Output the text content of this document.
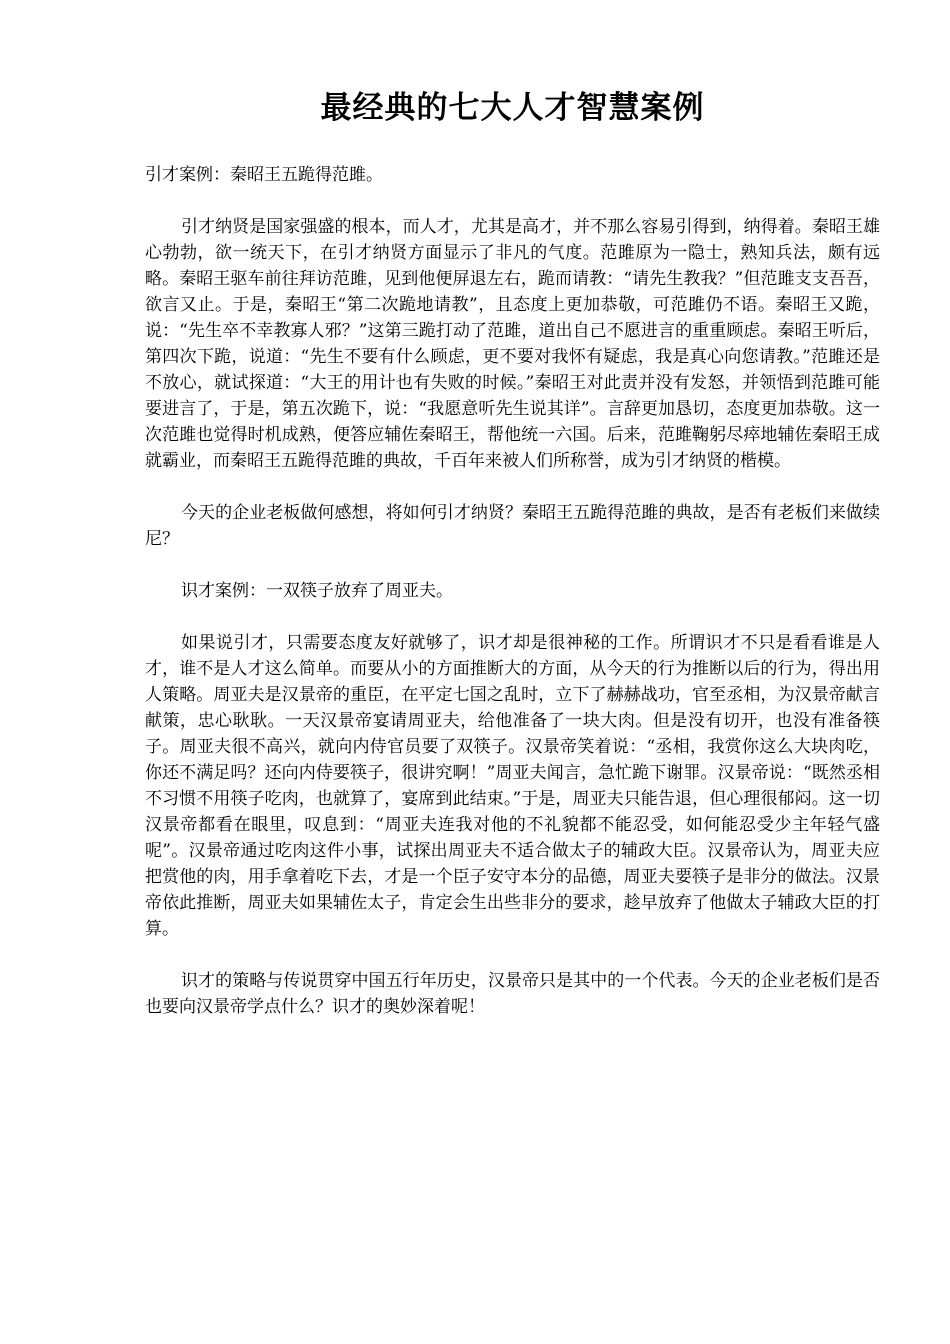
最经典的七大人才智慧案例

引才案例：秦昭王五跪得范雎。

引才纳贤是国家强盛的根本，而人才，尤其是高才，并不那么容易引得到，纳得着。秦昭王雄心勃勃，欲一统天下，在引才纳贤方面显示了非凡的气度。范雎原为一隐士，熟知兵法，颇有远略。秦昭王驱车前往拜访范雎，见到他便屏退左右，跪而请教：“请先生教我？”但范雎支支吾吾，欲言又止。于是，秦昭王“第二次跪地请教”，且态度上更加恭敬，可范雎仍不语。秦昭王又跪，说：“先生卒不幸教寡人邪？”这第三跪打动了范雎，道出自己不愿进言的重重顾虑。秦昭王听后，第四次下跪，说道：“先生不要有什么顾虑，更不要对我怀有疑虑，我是真心向您请教。”范雎还是不放心，就试探道：“大王的用计也有失败的时候。”秦昭王对此责并没有发怒，并领悟到范雎可能要进言了，于是，第五次跪下，说：“我愿意听先生说其详”。言辞更加恳切，态度更加恭敬。这一次范雎也觉得时机成熟，便答应辅佐秦昭王，帮他统一六国。后来，范雎鞠躬尽瘁地辅佐秦昭王成就霸业，而秦昭王五跪得范雎的典故，千百年来被人们所称誉，成为引才纳贤的楷模。

今天的企业老板做何感想，将如何引才纳贤？秦昭王五跪得范雎的典故，是否有老板们来做续尼？

识才案例：一双筷子放弃了周亚夫。

如果说引才，只需要态度友好就够了，识才却是很神秘的工作。所谓识才不只是看看谁是人才，谁不是人才这么简单。而要从小的方面推断大的方面，从今天的行为推断以后的行为，得出用人策略。周亚夫是汉景帝的重臣，在平定七国之乱时，立下了赫赫战功，官至丞相，为汉景帝献言献策，忠心耿耿。一天汉景帝宴请周亚夫，给他准备了一块大肉。但是没有切开，也没有准备筷子。周亚夫很不高兴，就向内侍官员要了双筷子。汉景帝笑着说：“丞相，我赏你这么大块肉吃，你还不满足吗？还向内侍要筷子，很讲究啊！”周亚夫闻言，急忙跪下谢罪。汉景帝说：“既然丞相不习惯不用筷子吃肉，也就算了，宴席到此结束。”于是，周亚夫只能告退，但心理很郁闷。这一切汉景帝都看在眼里，叹息到：“周亚夫连我对他的不礼貌都不能忍受，如何能忍受少主年轻气盛呢”。汉景帝通过吃肉这件小事，试探出周亚夫不适合做太子的辅政大臣。汉景帝认为，周亚夫应把赏他的肉，用手拿着吃下去，才是一个臣子安守本分的品德，周亚夫要筷子是非分的做法。汉景帝依此推断，周亚夫如果辅佐太子，肯定会生出些非分的要求，趁早放弃了他做太子辅政大臣的打算。

识才的策略与传说贯穿中国五行年历史，汉景帝只是其中的一个代表。今天的企业老板们是否也要向汉景帝学点什么？识才的奥妙深着呢！
